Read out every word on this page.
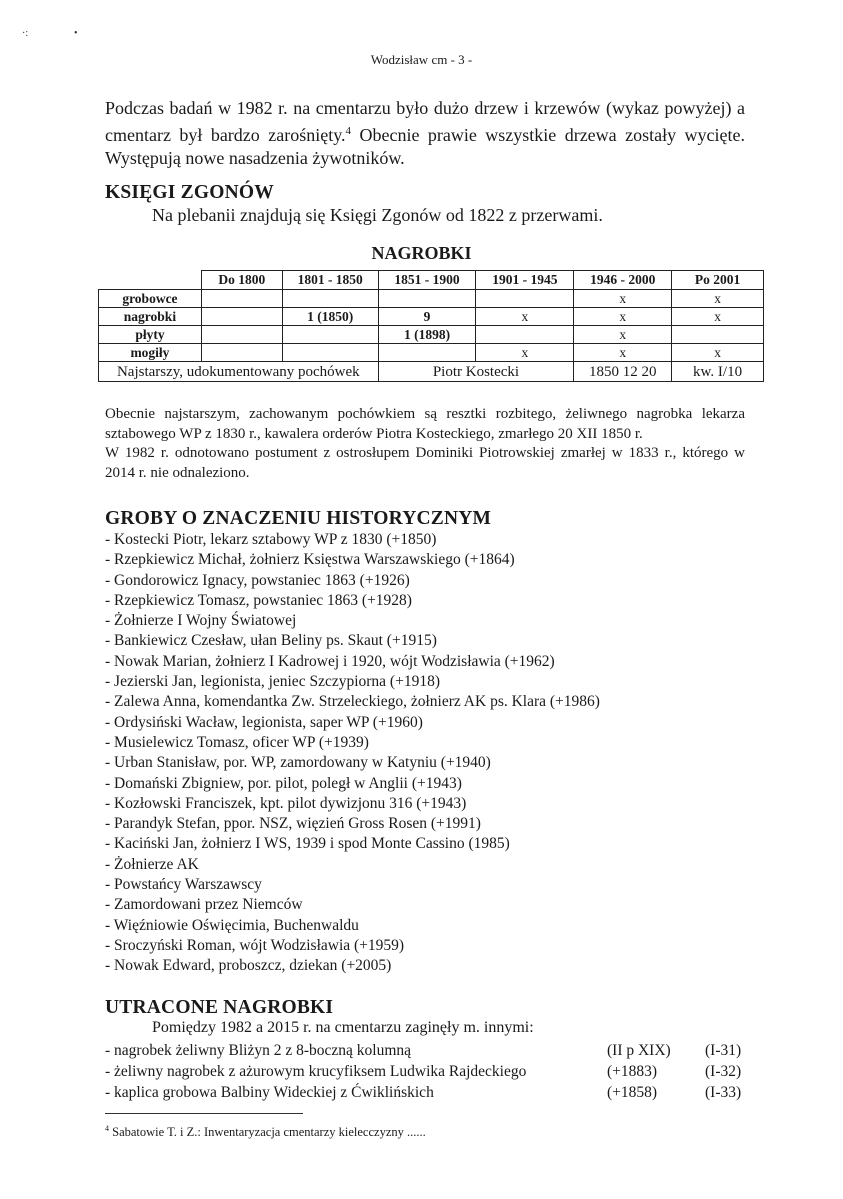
·:	•
Wodzisław cm - 3 -

Podczas badań w 1982 r. na cmentarzu było dużo drzew i krzewów (wykaz powyżej) a cmentarz był bardzo zarośnięty.$^4$ Obecnie prawie wszystkie drzewa zostały wycięte. Występują nowe nasadzenia żywotników.

KSIĘGI ZGONÓW

Na plebanii znajdują się Księgi Zgonów od 1822 z przerwami.

NAGROBKI
	Do 1800	1801 - 1850	1851 - 1900	1901 - 1945	1946 - 2000	Po 2001
grobowce					x	x
nagrobki		1 (1850)	9	x	x	x
płyty			1 (1898)		x	
mogiły				x	x	x
Najstarszy, udokumentowany pochówek			Piotr Kostecki		1850 12 20	kw. I/10

Obecnie najstarszym, zachowanym pochówkiem są resztki rozbitego, żeliwnego nagrobka lekarza sztabowego WP z 1830 r., kawalera orderów Piotra Kosteckiego, zmarłego 20 XII 1850 r.

W 1982 r. odnotowano postument z ostrosłupem Dominiki Piotrowskiej zmarłej w 1833 r., którego w 2014 r. nie odnaleziono.

GROBY O ZNACZENIU HISTORYCZNYM
- Kostecki Piotr, lekarz sztabowy WP z 1830 (+1850)
- Rzepkiewicz Michał, żołnierz Księstwa Warszawskiego (+1864)
- Gondorowicz Ignacy, powstaniec 1863 (+1926)
- Rzepkiewicz Tomasz, powstaniec 1863 (+1928)
- Żołnierze I Wojny Światowej
- Bankiewicz Czesław, ułan Beliny ps. Skaut (+1915)
- Nowak Marian, żołnierz I Kadrowej i 1920, wójt Wodzisławia (+1962)
- Jezierski Jan, legionista, jeniec Szczypiorna (+1918)
- Zalewa Anna, komendantka Zw. Strzeleckiego, żołnierz AK ps. Klara (+1986)
- Ordysiński Wacław, legionista, saper WP (+1960)
- Musielewicz Tomasz, oficer WP (+1939)
- Urban Stanisław, por. WP, zamordowany w Katyniu (+1940)
- Domański Zbigniew, por. pilot, poległ w Anglii (+1943)
- Kozłowski Franciszek, kpt. pilot dywizjonu 316 (+1943)
- Parandyk Stefan, ppor. NSZ, więzień Gross Rosen (+1991)
- Kaciński Jan, żołnierz I WS, 1939 i spod Monte Cassino (1985)
- Żołnierze AK
- Powstańcy Warszawscy
- Zamordowani przez Niemców
- Więźniowie Oświęcimia, Buchenwaldu
- Sroczyński Roman, wójt Wodzisławia (+1959)
- Nowak Edward, proboszcz, dziekan (+2005)
UTRACONE NAGROBKI

Pomiędzy 1982 a 2015 r. na cmentarzu zaginęły m. innymi:

- nagrobek żeliwny Bliżyn 2 z 8-boczną kolumną	(II p XIX) (I-31)
- żeliwny nagrobek z ażurowym krucyfiksem Ludwika Rajdeckiego	(+1883)	(I-32)
- kaplica grobowa Balbiny Wideckiej z Ćwiklińskich	(+1858)	(I-33)

$^4$ Sabatowie T. i Z.: Inwentaryzacja cmentarzy kielecczyzny ......
